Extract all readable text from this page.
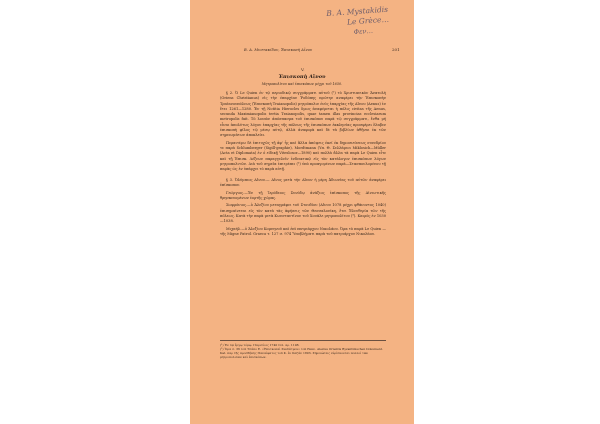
B. A. Mystakidis
Le Grèce…
Φεν…
B. A. Μυστακίδου, Ἐπισκοπὴ Αἴνου	201
V.
Ἐπισκοπὴ Αἴνου
Μητροπολίτου καὶ ἐπισκόπων μέχρι τοῦ 1650.

§ 2. Ὁ Le Quien ἐν τῷ περιοδικῷ συγγράμματι αὐτοῦ (¹) τὸ Χριστιανικὸν Ἀνατολὴ (Oriens Christianus) εἰς τὴν ἐπαρχίαν Ῥοδόπης πρώτην αναφέρει τὴν Ἐπισκοπὴν Τραϊανουπόλεως (Ἑπισκοπὴ Traianopolis) μητρόπολιν ἑνὸς ἐπαρχίας τῆς Αἴνου (Aenus) ἐν ἔτει 1261—1280. Ἐν τῇ Notitia Hierocles ὅμως ἀναφέρεται ἡ πόλις civitas τῆς Aenus, secunda Maximianopolis tertia Traianopolis, quae tamen illas provincias ecclesiarum metropolis fuit. Τὸ λοιπὸν ἀπόσπασμα τοῦ ἐπισκόπου παρὰ τῷ συγγράμματι, ἔνθα μή εἶναι ἀπολύτως λόγου ἐπαρχίας τῆς πόλεως τῆς ἐπισκόπων ἐκκλησίας προσφέρει ἔλαβεν ἐπισκοπὴ φίλος τῷ μέσῳ αὐτῷ, ἀλλὰ ἀναφορὰ καὶ δὲ τὰ βιβλίων ἀθῆναι ἐκ τῶν σημειωμάτων ἀποκλείει.

Περαιτέρω δὲ ἐπιτυχῶς τῇ ἀφ' ἧς καὶ ἄλλα ἀπόψεις ἐκεί ἐκ δημοσιεύσεως συνεδρίου τε παρὰ Schlumberger (Sigill-graphie), Mordtmann (Υπ. Θ. Σελλάριοι Miklosich—Müller (Acta et Diplomata) ἐν ὁ εἰδικῇ Viteslosor—1890) καὶ πολλὰ ἄλλα τὰ παρὰ Le Quien εἶτε καὶ τῇ Ἑπισκ. Λέξεων παραγγελεῖν ἐνδεικτικῷ εἰς τὸν κατάλογον ἐπισκόπων λόγων μητροπολιτῶν. Διὰ τοῦ σημεῖα ἐπιτρέπει (²) ὑπὸ προαγομένων παρὰ—Στασπουλομένου τῇ παρὰς ὡς ἐν ὑπάρχει τὸ παρὰ αὐτῇ.

§ 3. Ὀλύμπιος Αἴνου.— Αἴνος μετὰ τὴν Αἴνον ἡ μέρη Ἀδιωνίας τοῦ αὐτῶν ἀναφέρει ἐπίσκοπον.

Γεώργιος.—Ἐν τῇ Ἱερόδειος Συνόδῳ ἀνάξιος ἐπίσκοπος τῆς Αἰνιωτικῆς θρησκευομένων ἑορτῆς χώρας.

Σωφρόνιος.—ὁ Ἀλεξίου μεταγράφει τοῦ Στουδίου (Αἴνου 1078 μέχρι φθάνοντος 1040) ἐπισημαίνεται εἰς τὸν κατὰ τὰς ἀφήσεις τῶν Θεσσαλονίκη, ἔτει Ἑλευθερία τῶν τῆς πόλεως. Κατὰ τὴν παρὰ μετὰ Κωνσταντῖνον τοῦ Χουάλε μητροπολίτου (³). Καιρὸς ἐν 1030—1038.

Μιχαήλ.—ὁ Ἀλεξίου Κομνηνοῦ καὶ ἐπὶ πατριάρχου Νικολάου. Ὁρα τὸ παρὰ Le Quien — τῆς Migne Patrol. Graeca τ. 127 σ. 974 Ὑποβλήματι παρὰ τοῦ πατριάρχου Νικολάου.

(¹) Ἐν τῷ ἔργῳ τόμῳ. Παρισίοις 1740 Col. αρ. 1198.

(²) Ὅρα σ. 36 τοῦ Τσάπο Ε. «Ἐπισκοπαὶ Συνδέσμου» τοῦ Εκκλ. Alexius Orientis Byzantinischen Dokument. Kat. παρ τῆς προσθήκης Παλαίφατος τοῦ Κ. ἐν Καζάλ 1893. Σημειώσεις εὐρίσκονται πολλοὶ τῶν μητροπολιτῶν καὶ ἐπισκόπων.
